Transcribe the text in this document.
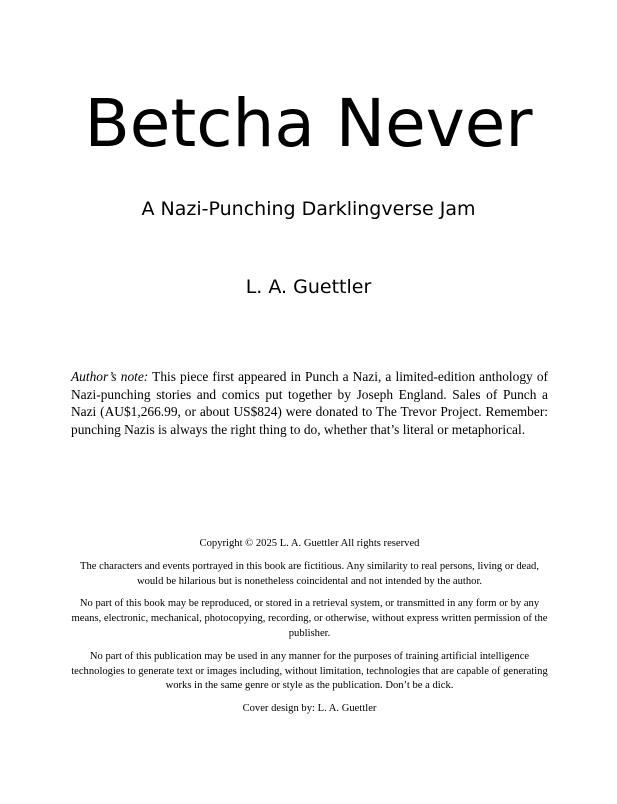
Betcha Never
A Nazi-Punching Darklingverse Jam
L. A. Guettler

Author’s note: This piece first appeared in Punch a Nazi, a limited-edition anthology of Nazi-punching stories and comics put together by Joseph England. Sales of Punch a Nazi (AU$1,266.99, or about US$824) were donated to The Trevor Project. Remember: punching Nazis is always the right thing to do, whether that’s literal or metaphorical.

Copyright © 2025 L. A. Guettler All rights reserved

The characters and events portrayed in this book are fictitious. Any similarity to real persons, living or dead, would be hilarious but is nonetheless coincidental and not intended by the author.

No part of this book may be reproduced, or stored in a retrieval system, or transmitted in any form or by any means, electronic, mechanical, photocopying, recording, or otherwise, without express written permission of the publisher.

No part of this publication may be used in any manner for the purposes of training artificial intelligence technologies to generate text or images including, without limitation, technologies that are capable of generating works in the same genre or style as the publication. Don’t be a dick.

Cover design by: L. A. Guettler
